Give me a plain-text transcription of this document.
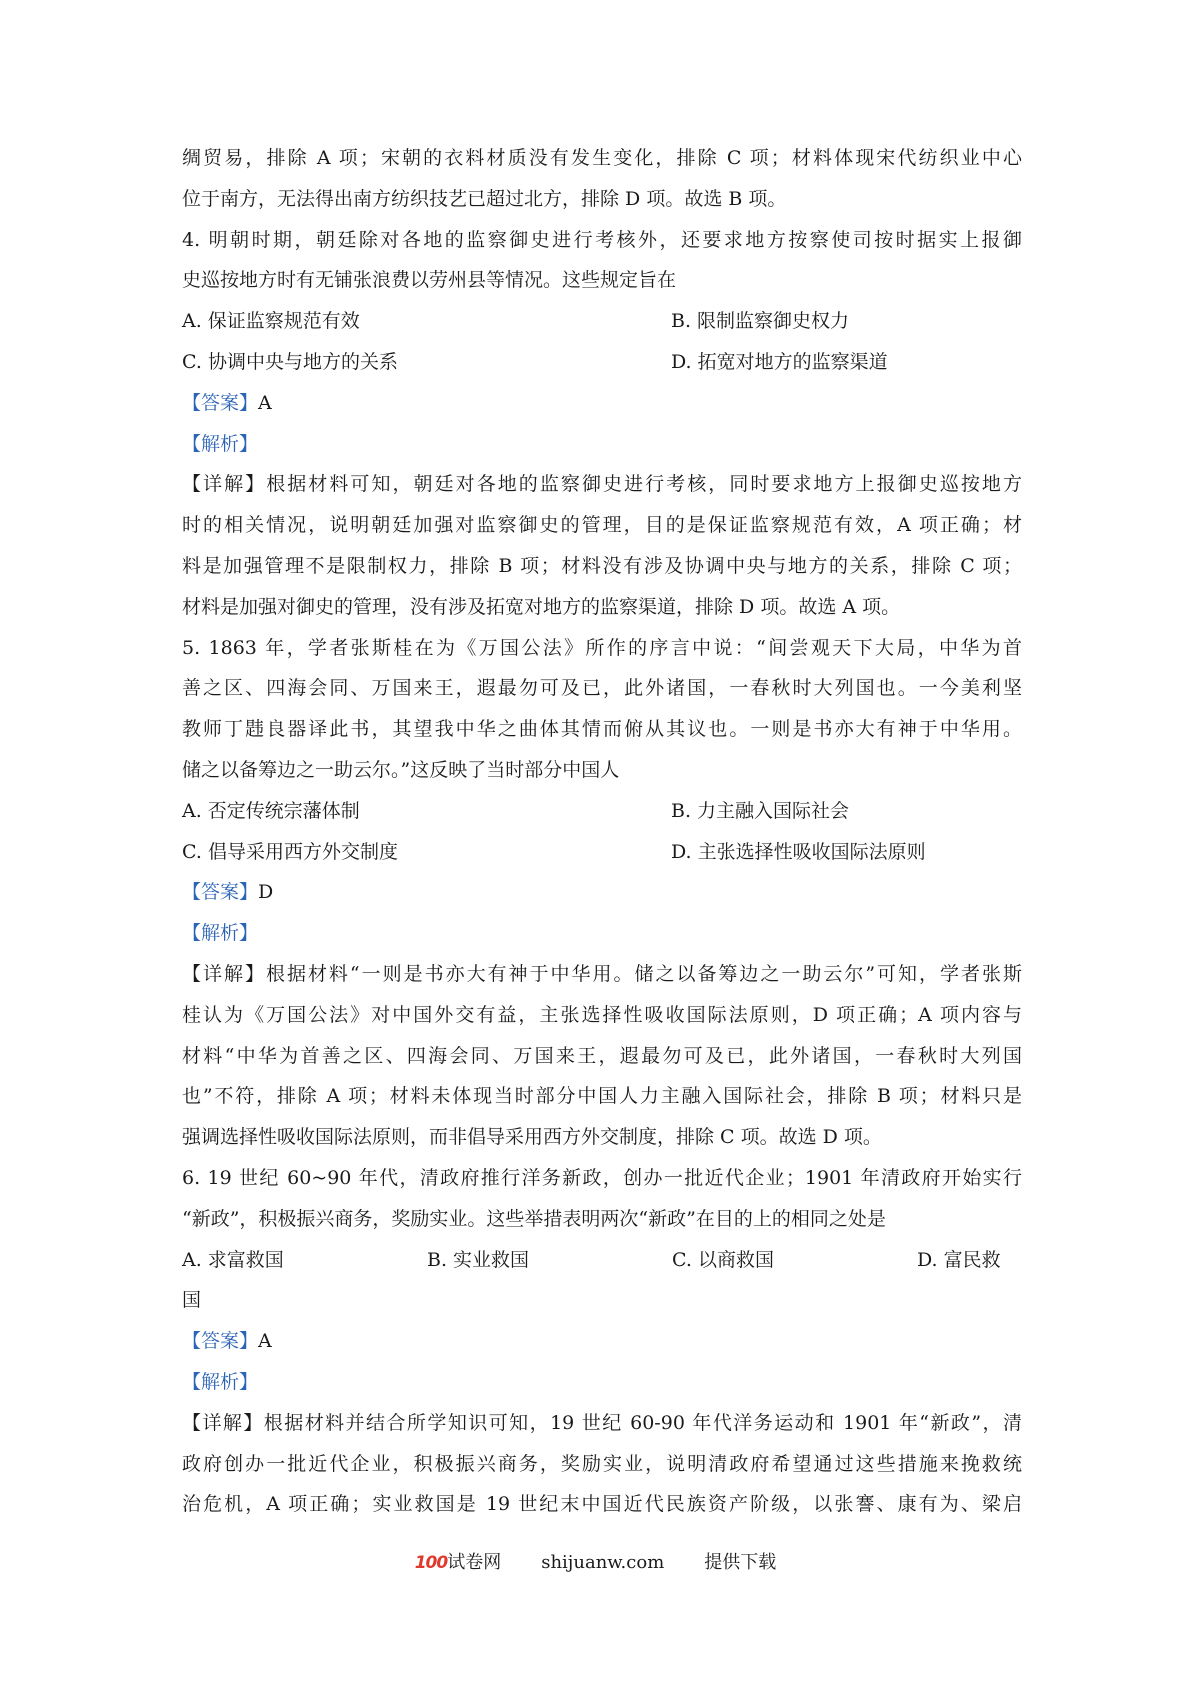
绸贸易，排除 A 项；宋朝的衣料材质没有发生变化，排除 C 项；材料体现宋代纺织业中心
位于南方，无法得出南方纺织技艺已超过北方，排除 D 项。故选 B 项。
4. 明朝时期，朝廷除对各地的监察御史进行考核外，还要求地方按察使司按时据实上报御
史巡按地方时有无铺张浪费以劳州县等情况。这些规定旨在
A. 保证监察规范有效	B. 限制监察御史权力
C. 协调中央与地方的关系	D. 拓宽对地方的监察渠道
【答案】A
【解析】
【详解】根据材料可知，朝廷对各地的监察御史进行考核，同时要求地方上报御史巡按地方
时的相关情况，说明朝廷加强对监察御史的管理，目的是保证监察规范有效，A 项正确；材
料是加强管理不是限制权力，排除 B 项；材料没有涉及协调中央与地方的关系，排除 C 项；
材料是加强对御史的管理，没有涉及拓宽对地方的监察渠道，排除 D 项。故选 A 项。
5. 1863 年，学者张斯桂在为《万国公法》所作的序言中说：“间尝观天下大局，中华为首
善之区、四海会同、万国来王，遐最勿可及已，此外诸国，一春秋时大列国也。一今美利坚
教师丁韪良器译此书，其望我中华之曲体其情而俯从其议也。一则是书亦大有神于中华用。
储之以备筹边之一助云尔。”这反映了当时部分中国人
A. 否定传统宗藩体制	B. 力主融入国际社会
C. 倡导采用西方外交制度	D. 主张选择性吸收国际法原则
【答案】D
【解析】
【详解】根据材料“一则是书亦大有神于中华用。储之以备筹边之一助云尔”可知，学者张斯
桂认为《万国公法》对中国外交有益，主张选择性吸收国际法原则，D 项正确；A 项内容与
材料“中华为首善之区、四海会同、万国来王，遐最勿可及已，此外诸国，一春秋时大列国
也”不符，排除 A 项；材料未体现当时部分中国人力主融入国际社会，排除 B 项；材料只是
强调选择性吸收国际法原则，而非倡导采用西方外交制度，排除 C 项。故选 D 项。
6. 19 世纪 60~90 年代，清政府推行洋务新政，创办一批近代企业；1901 年清政府开始实行
“新政”，积极振兴商务，奖励实业。这些举措表明两次“新政”在目的上的相同之处是
A. 求富救国	B. 实业救国	C. 以商救国	D. 富民救
国
【答案】A
【解析】
【详解】根据材料并结合所学知识可知，19 世纪 60-90 年代洋务运动和 1901 年“新政”，清
政府创办一批近代企业，积极振兴商务，奖励实业，说明清政府希望通过这些措施来挽救统
治危机，A 项正确；实业救国是 19 世纪末中国近代民族资产阶级，以张謇、康有为、梁启
100试卷网 shijuanw.com 提供下载
